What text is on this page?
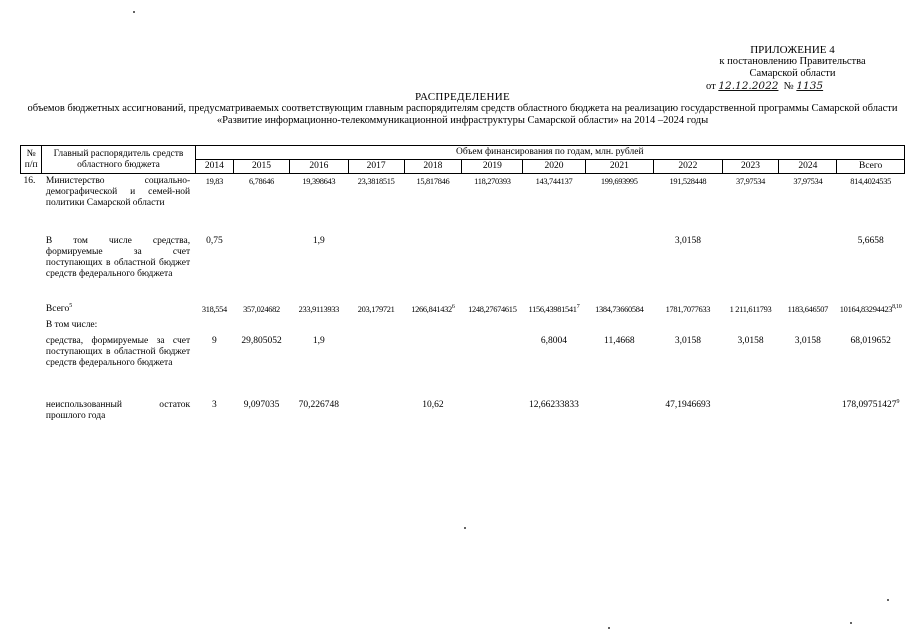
ПРИЛОЖЕНИЕ 4
к постановлению Правительства
Самарской области
от 12.12.2022 № 1135
РАСПРЕДЕЛЕНИЕ
объемов бюджетных ассигнований, предусматриваемых соответствующим главным распорядителям средств областного бюджета на реализацию государственной программы Самарской области «Развитие информационно-телекоммуникационной инфраструктуры Самарской области» на 2014 –2024 годы
№ п/п	Главный распорядитель средств областного бюджета	Объем финансирования по годам, млн. рублей											
		2014	2015	2016	2017	2018	2019	2020	2021	2022	2023	2024	Всего
16.	Министерство социально-демографической и семей-ной политики Самарской области	19,83	6,78646	19,398643	23,3818515	15,817846	118,270393	143,744137	199,693995	191,528448	37,97534	37,97534	814,4024535
	В том числе средства, формируемые за счет поступающих в областной бюджет средств федерального бюджета	0,75		1,9						3,0158			5,6658
	Всего$^5$	318,554	357,024682	233,9113933	203,179721	1266,841432$^6$	1248,27674615	1156,43981541$^7$	1384,73660584	1781,7077633	1 211,611793	1183,646507	10164,83294423$^{8,10}$
	В том числе:												
	средства, формируемые за счет поступающих в областной бюджет средств федерального бюджета	9	29,805052	1,9				6,8004	11,4668	3,0158	3,0158	3,0158	68,019652
	неиспользованный остаток прошлого года	3	9,097035	70,226748		10,62		12,66233833		47,1946693			178,09751427$^9$
